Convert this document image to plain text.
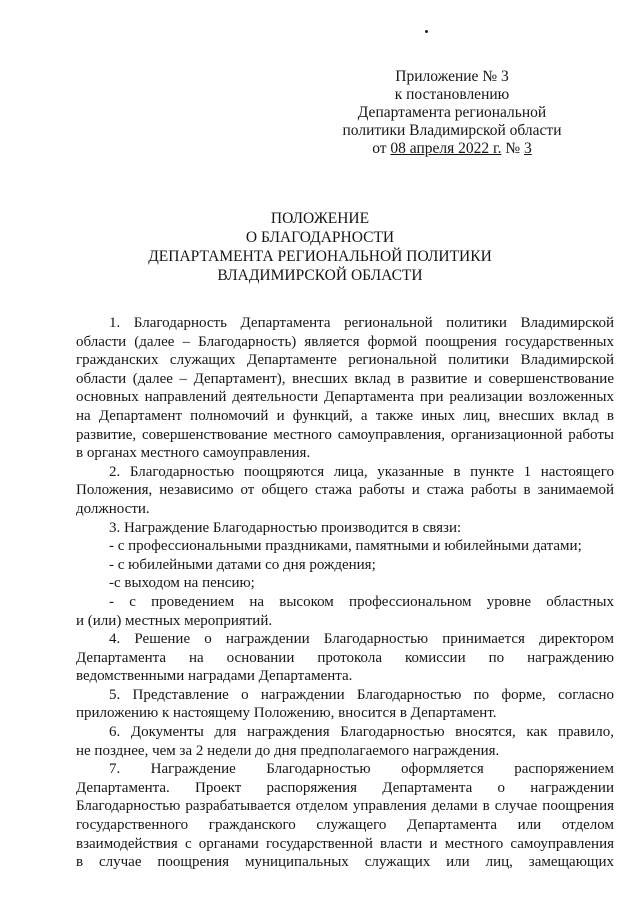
Приложение № 3
к постановлению
Департамента региональной
политики Владимирской области
от 08 апреля 2022 г. № 3
ПОЛОЖЕНИЕ
О БЛАГОДАРНОСТИ
ДЕПАРТАМЕНТА РЕГИОНАЛЬНОЙ ПОЛИТИКИ
ВЛАДИМИРСКОЙ ОБЛАСТИ

1. Благодарность Департамента региональной политики Владимирской

области (далее – Благодарность) является формой поощрения государственных

гражданских служащих Департаменте региональной политики Владимирской

области (далее – Департамент), внесших вклад в развитие и совершенствование

основных направлений деятельности Департамента при реализации возложенных

на Департамент полномочий и функций, а также иных лиц, внесших вклад в

развитие, совершенствование местного самоуправления, организационной работы

в органах местного самоуправления.

2. Благодарностью поощряются лица, указанные в пункте 1 настоящего

Положения, независимо от общего стажа работы и стажа работы в занимаемой

должности.

3. Награждение Благодарностью производится в связи:

- с профессиональными праздниками, памятными и юбилейными датами;

- с юбилейными датами со дня рождения;

-с выходом на пенсию;

- с проведением на высоком профессиональном уровне областных

и (или) местных мероприятий.

4. Решение о награждении Благодарностью принимается директором

Департамента на основании протокола комиссии по награждению

ведомственными наградами Департамента.

5. Представление о награждении Благодарностью по форме, согласно

приложению к настоящему Положению, вносится в Департамент.

6. Документы для награждения Благодарностью вносятся, как правило,

не позднее, чем за 2 недели до дня предполагаемого награждения.

7. Награждение Благодарностью оформляется распоряжением

Департамента. Проект распоряжения Департамента о награждении

Благодарностью разрабатывается отделом управления делами в случае поощрения

государственного гражданского служащего Департамента или отделом

взаимодействия с органами государственной власти и местного самоуправления

в случае поощрения муниципальных служащих или лиц, замещающих
